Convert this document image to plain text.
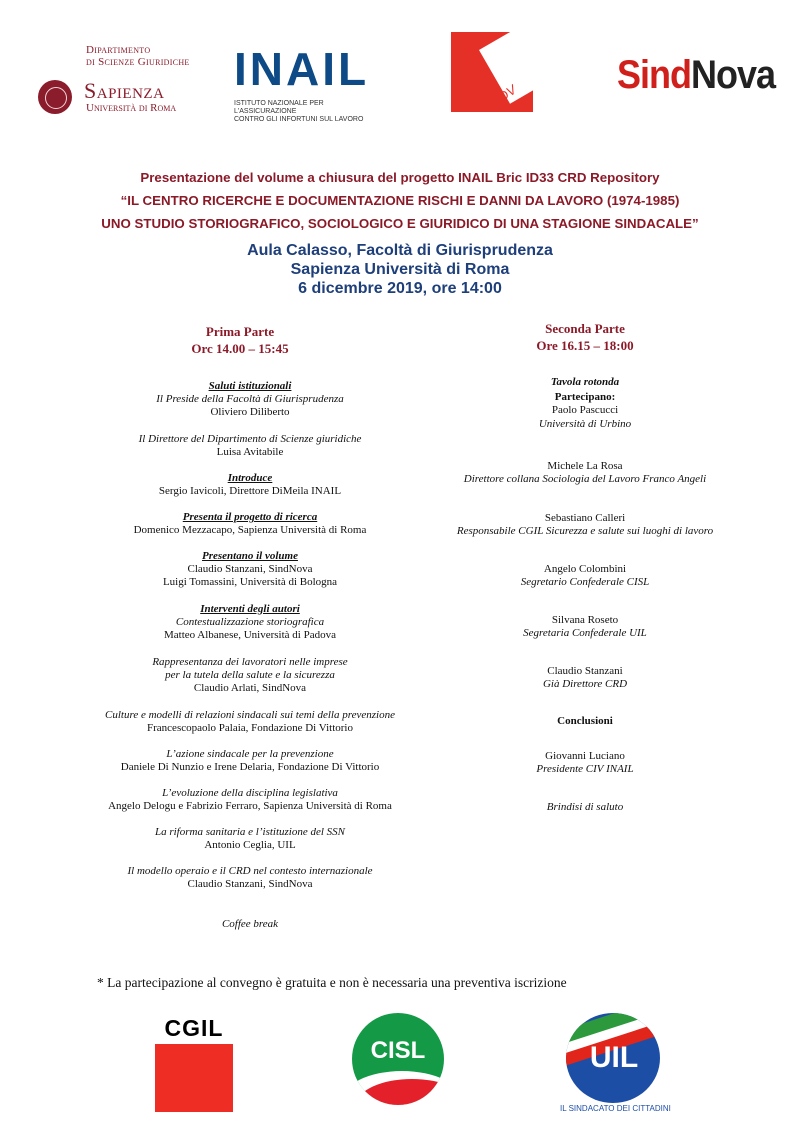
Dipartimento
di Scienze Giuridiche
Sapienza
Università di Roma
INAIL
ISTITUTO NAZIONALE PER L'ASSICURAZIONE
CONTRO GLI INFORTUNI SUL LAVORO
FDV	SindNova
Presentazione del volume a chiusura del progetto INAIL Bric ID33 CRD Repository
“IL CENTRO RICERCHE E DOCUMENTAZIONE RISCHI E DANNI DA LAVORO (1974-1985)
UNO STUDIO STORIOGRAFICO, SOCIOLOGICO E GIURIDICO DI UNA STAGIONE SINDACALE”
Aula Calasso, Facoltà di Giurisprudenza
Sapienza Università di Roma
6 dicembre 2019, ore 14:00
Prima Parte
Orc 14.00 – 15:45
Seconda Parte
Ore 16.15 – 18:00
Saluti istituzionali
Il Preside della Facoltà di Giurisprudenza
Oliviero Diliberto
Il Direttore del Dipartimento di Scienze giuridiche
Luisa Avitabile
Introduce
Sergio Iavicoli, Direttore DiMeila INAIL
Presenta il progetto di ricerca
Domenico Mezzacapo, Sapienza Università di Roma
Presentano il volume
Claudio Stanzani, SindNova
Luigi Tomassini, Università di Bologna
Interventi degli autori
Contestualizzazione storiografica
Matteo Albanese, Università di Padova
Rappresentanza dei lavoratori nelle imprese
per la tutela della salute e la sicurezza
Claudio Arlati, SindNova
Culture e modelli di relazioni sindacali sui temi della prevenzione
Francescopaolo Palaia, Fondazione Di Vittorio
L’azione sindacale per la prevenzione
Daniele Di Nunzio e Irene Delaria, Fondazione Di Vittorio
L’evoluzione della disciplina legislativa
Angelo Delogu e Fabrizio Ferraro, Sapienza Università di Roma
La riforma sanitaria e l’istituzione del SSN
Antonio Ceglia, UIL
Il modello operaio e il CRD nel contesto internazionale
Claudio Stanzani, SindNova
Coffee break
Tavola rotonda
Partecipano:
Paolo Pascucci
Università di Urbino
Michele La Rosa
Direttore collana Sociologia del Lavoro Franco Angeli
Sebastiano Calleri
Responsabile CGIL Sicurezza e salute sui luoghi di lavoro
Angelo Colombini
Segretario Confederale CISL
Silvana Roseto
Segretaria Confederale UIL
Claudio Stanzani
Già Direttore CRD
Conclusioni
Giovanni Luciano
Presidente CIV INAIL
Brindisi di saluto
* La partecipazione al convegno è gratuita e non è necessaria una preventiva iscrizione
CGIL
CISL	UIL
IL SINDACATO DEI CITTADINI
